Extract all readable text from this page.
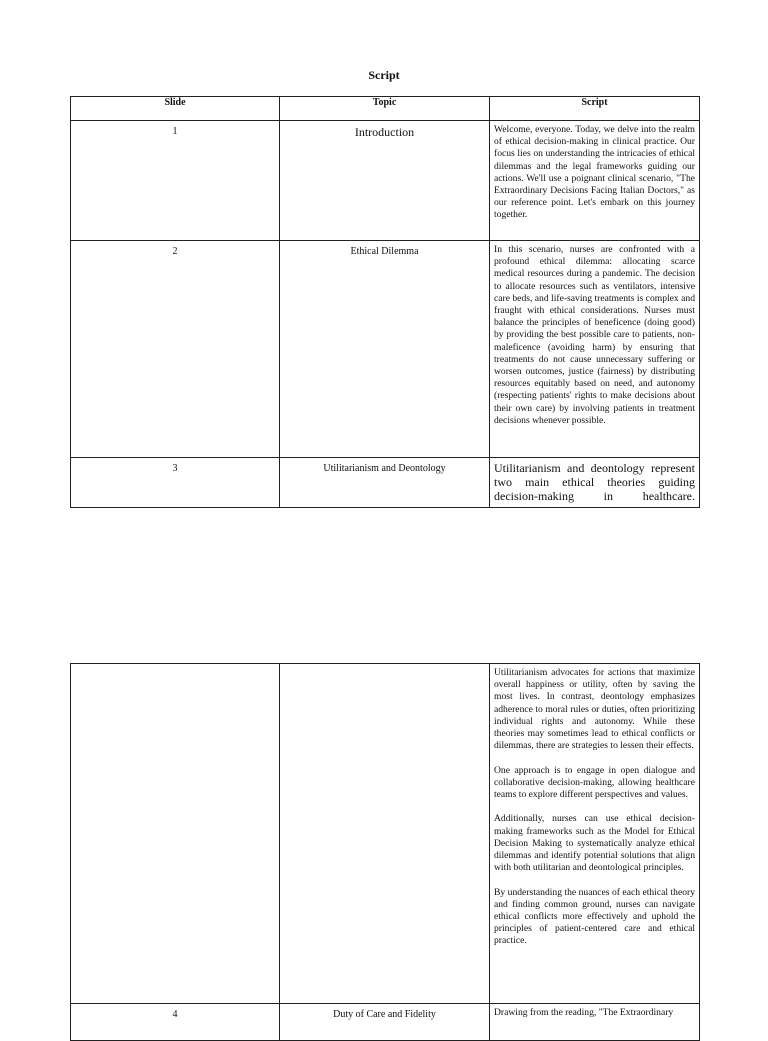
Script
Slide	Topic	Script
1	Introduction	Welcome, everyone. Today, we delve into the realm of ethical decision-making in clinical practice. Our focus lies on understanding the intricacies of ethical dilemmas and the legal frameworks guiding our actions. We'll use a poignant clinical scenario, "The Extraordinary Decisions Facing Italian Doctors," as our reference point. Let's embark on this journey together.
2	Ethical Dilemma	In this scenario, nurses are confronted with a profound ethical dilemma: allocating scarce medical resources during a pandemic. The decision to allocate resources such as ventilators, intensive care beds, and life-saving treatments is complex and fraught with ethical considerations. Nurses must balance the principles of beneficence (doing good) by providing the best possible care to patients, non-maleficence (avoiding harm) by ensuring that treatments do not cause unnecessary suffering or worsen outcomes, justice (fairness) by distributing resources equitably based on need, and autonomy (respecting patients' rights to make decisions about their own care) by involving patients in treatment decisions whenever possible.
3	Utilitarianism and Deontology	Utilitarianism and deontology represent two main ethical theories guiding decision-making in healthcare.

		Utilitarianism advocates for actions that maximize overall happiness or utility, often by saving the most lives. In contrast, deontology emphasizes adherence to moral rules or duties, often prioritizing individual rights and autonomy. While these theories may sometimes lead to ethical conflicts or dilemmas, there are strategies to lessen their effects.

One approach is to engage in open dialogue and collaborative decision-making, allowing healthcare teams to explore different perspectives and values.

Additionally, nurses can use ethical decision-making frameworks such as the Model for Ethical Decision Making to systematically analyze ethical dilemmas and identify potential solutions that align with both utilitarian and deontological principles.

By understanding the nuances of each ethical theory and finding common ground, nurses can navigate ethical conflicts more effectively and uphold the principles of patient-centered care and ethical practice.

4	Duty of Care and Fidelity	Drawing from the reading, "The Extraordinary
